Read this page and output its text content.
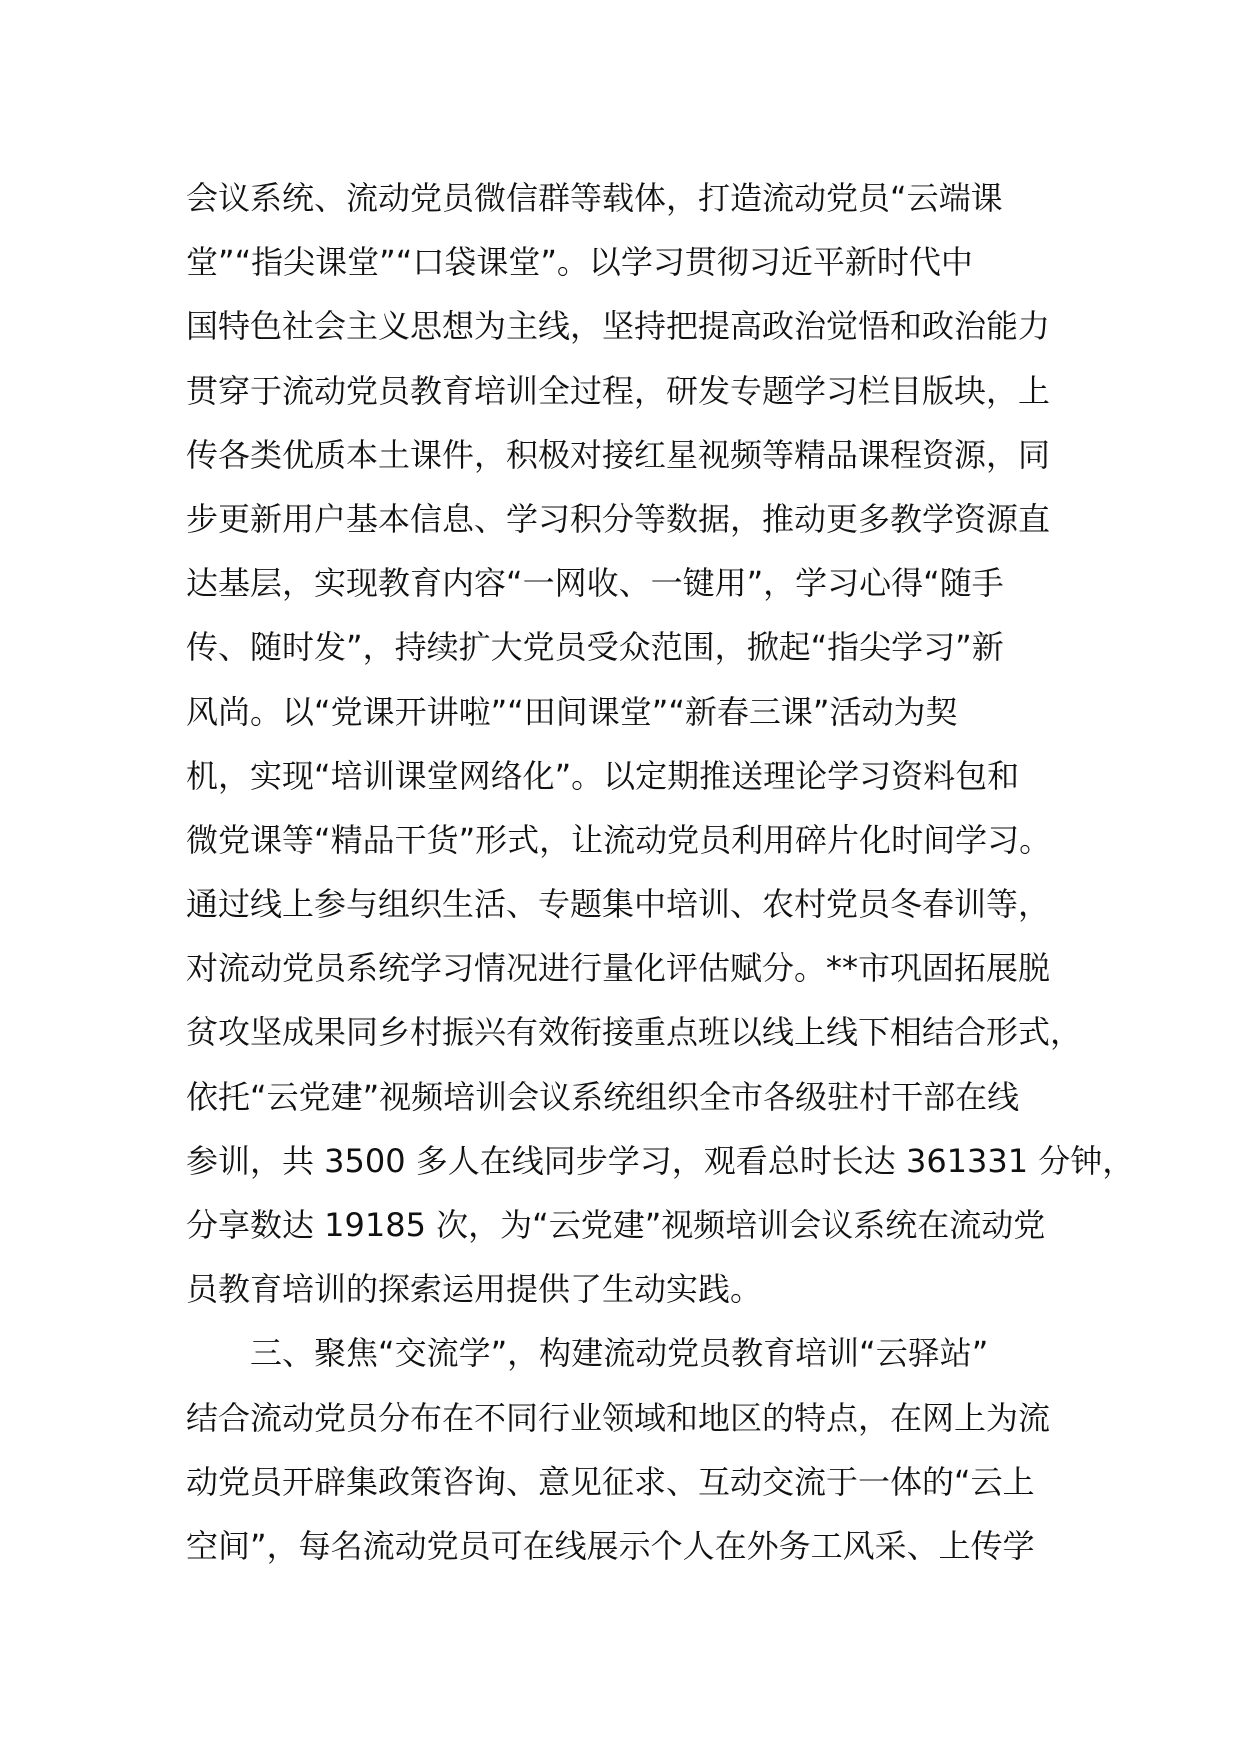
会议系统、流动党员微信群等载体，打造流动党员“云端课
堂”“指尖课堂”“口袋课堂”。以学习贯彻习近平新时代中
国特色社会主义思想为主线，坚持把提高政治觉悟和政治能力
贯穿于流动党员教育培训全过程，研发专题学习栏目版块，上
传各类优质本土课件，积极对接红星视频等精品课程资源，同
步更新用户基本信息、学习积分等数据，推动更多教学资源直
达基层，实现教育内容“一网收、一键用”，学习心得“随手
传、随时发”，持续扩大党员受众范围，掀起“指尖学习”新
风尚。以“党课开讲啦”“田间课堂”“新春三课”活动为契
机，实现“培训课堂网络化”。以定期推送理论学习资料包和
微党课等“精品干货”形式，让流动党员利用碎片化时间学习。
通过线上参与组织生活、专题集中培训、农村党员冬春训等，
对流动党员系统学习情况进行量化评估赋分。**市巩固拓展脱
贫攻坚成果同乡村振兴有效衔接重点班以线上线下相结合形式，
依托“云党建”视频培训会议系统组织全市各级驻村干部在线
参训，共 3500 多人在线同步学习，观看总时长达 361331 分钟，
分享数达 19185 次，为“云党建”视频培训会议系统在流动党
员教育培训的探索运用提供了生动实践。
三、聚焦“交流学”，构建流动党员教育培训“云驿站”
结合流动党员分布在不同行业领域和地区的特点，在网上为流
动党员开辟集政策咨询、意见征求、互动交流于一体的“云上
空间”，每名流动党员可在线展示个人在外务工风采、上传学
